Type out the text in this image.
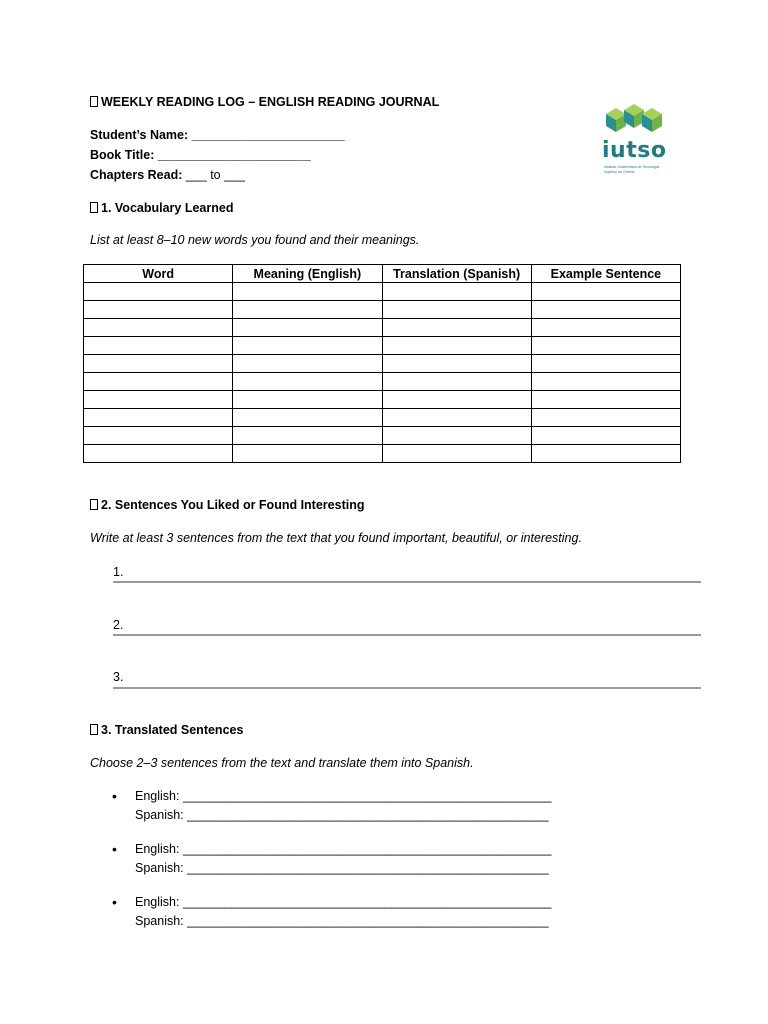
WEEKLY READING LOG – ENGLISH READING JOURNAL
Student’s Name: ______________________
Book Title: ______________________
Chapters Read: ___ to ___
iutso
Instituto Universitario de Tecnología
Superior de Oriente
1. Vocabulary Learned
List at least 8–10 new words you found and their meanings.
Word	Meaning (English)	Translation (Spanish)	Example Sentence

2. Sentences You Liked or Found Interesting
Write at least 3 sentences from the text that you found important, beautiful, or interesting.
1.
2.
3.
3. Translated Sentences
Choose 2–3 sentences from the text and translate them into Spanish.
• English: _____________________________________________________
Spanish: ____________________________________________________
• English: _____________________________________________________
Spanish: ____________________________________________________
• English: _____________________________________________________
Spanish: ____________________________________________________
